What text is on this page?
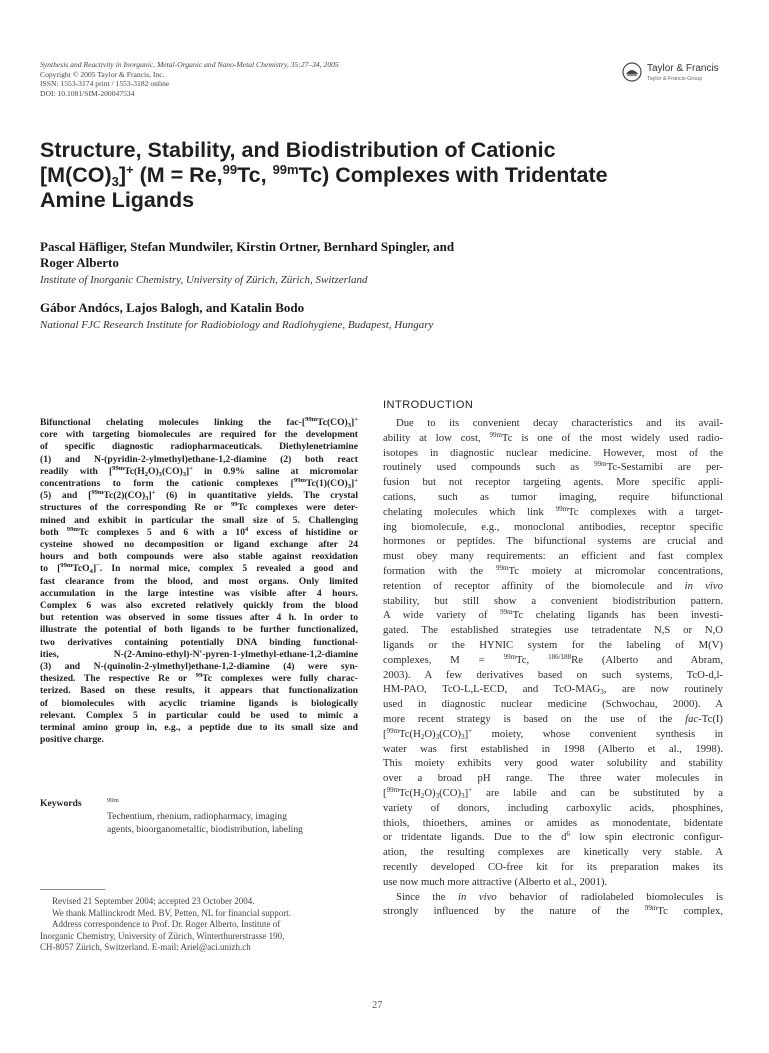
Synthesis and Reactivity in Inorganic, Metal-Organic and Nano-Metal Chemistry, 35:27–34, 2005
Copyright © 2005 Taylor & Francis, Inc.
ISSN: 1553-3174 print / 1553-3182 online
DOI: 10.1081/SIM-200047534
Taylor & Francis
Taylor & Francis Group
Structure, Stability, and Biodistribution of Cationic
$[M(CO)_3]^+$ (M = Re,$^{99}$Tc, $^{99m}$Tc) Complexes with Tridentate
Amine Ligands
Pascal Häfliger, Stefan Mundwiler, Kirstin Ortner, Bernhard Spingler, and
Roger Alberto
Institute of Inorganic Chemistry, University of Zürich, Zürich, Switzerland
Gábor Andócs, Lajos Balogh, and Katalin Bodo
National FJC Research Institute for Radiobiology and Radiohygiene, Budapest, Hungary
Bifunctional chelating molecules linking the fac-$[^{99m}Tc(CO)_3]^+$
core with targeting biomolecules are required for the development
of specific diagnostic radiopharmaceuticals. Diethylenetriamine
(1) and N-(pyridin-2-ylmethyl)ethane-1,2-diamine (2) both react
readily with $[^{99m}Tc(H_2O)_3(CO)_3]^+$ in 0.9% saline at micromolar
concentrations to form the cationic complexes $[^{99m}Tc(1)(CO)_3]^+$
(5) and $[^{99m}Tc(2)(CO)_3]^+$ (6) in quantitative yields. The crystal
structures of the corresponding Re or $^{99}$Tc complexes were deter-
mined and exhibit in particular the small size of 5. Challenging
both $^{99m}$Tc complexes 5 and 6 with a $10^4$ excess of histidine or
cysteine showed no decomposition or ligand exchange after 24
hours and both compounds were also stable against reoxidation
to [$^{99m}$TcO$_4$]−. In normal mice, complex 5 revealed a good and
fast clearance from the blood, and most organs. Only limited
accumulation in the large intestine was visible after 4 hours.
Complex 6 was also excreted relatively quickly from the blood
but retention was observed in some tissues after 4 h. In order to
illustrate the potential of both ligands to be further functionalized,
two derivatives containing potentially DNA binding functional-
ities, N-(2-Amino-ethyl)-N′-pyren-1-ylmethyl-ethane-1,2-diamine
(3) and N-(quinolin-2-ylmethyl)ethane-1,2-diamine (4) were syn-
thesized. The respective Re or $^{99}$Tc complexes were fully charac-
terized. Based on these results, it appears that functionalization
of biomolecules with acyclic triamine ligands is biologically
relevant. Complex 5 in particular could be used to mimic a
terminal amino group in, e.g., a peptide due to its small size and
positive charge.
Keywords	$^{99m}$
Techentium, rhenium, radiopharmacy, imaging
agents, bioorganometallic, biodistribution, labeling
Revised 21 September 2004; accepted 23 October 2004.
We thank Mallinckrodt Med. BV, Petten, NL for financial support.
Address correspondence to Prof. Dr. Roger Alberto, Institute of
Inorganic Chemistry, University of Zürich, Winterthurerstrasse 190,
CH-8057 Zürich, Switzerland. E-mail: Ariel@aci.unizh.ch
INTRODUCTION
Due to its convenient decay characteristics and its avail-
ability at low cost, $^{99m}$Tc is one of the most widely used radio-
isotopes in diagnostic nuclear medicine. However, most of the
routinely used compounds such as $^{99m}$Tc-Sestamibi are per-
fusion but not receptor targeting agents. More specific appli-
cations, such as tumor imaging, require bifunctional
chelating molecules which link $^{99m}$Tc complexes with a target-
ing biomolecule, e.g., monoclonal antibodies, receptor specific
hormones or peptides. The bifunctional systems are crucial and
must obey many requirements: an efficient and fast complex
formation with the $^{99m}$Tc moiety at micromolar concentrations,
retention of receptor affinity of the biomolecule and in vivo
stability, but still show a convenient biodistribution pattern.
A wide variety of $^{99m}$Tc chelating ligands has been investi-
gated. The established strategies use tetradentate N,S or N,O
ligands or the HYNIC system for the labeling of M(V)
complexes, M = $^{99m}$Tc, $^{186/188}$Re (Alberto and Abram,
2003). A few derivatives based on such systems, TcO-d,l-
HM-PAO, TcO-L,L-ECD, and TcO-$MAG_3$, are now routinely
used in diagnostic nuclear medicine (Schwochau, 2000). A
more recent strategy is based on the use of the fac-Tc(I)
$[^{99m}Tc(H_2O)_3(CO)_3]^+$ moiety, whose convenient synthesis in
water was first established in 1998 (Alberto et al., 1998).
This moiety exhibits very good water solubility and stability
over a broad pH range. The three water molecules in
$[^{99m}Tc(H_2O)_3(CO)_3]^+$ are labile and can be substituted by a
variety of donors, including carboxylic acids, phosphines,
thiols, thioethers, amines or amides as monodentate, bidentate
or tridentate ligands. Due to the $d^6$ low spin electronic configur-
ation, the resulting complexes are kinetically very stable. A
recently developed CO-free kit for its preparation makes its
use now much more attractive (Alberto et al., 2001).
Since the in vivo behavior of radiolabeled biomolecules is
strongly influenced by the nature of the $^{99m}$Tc complex,
27
